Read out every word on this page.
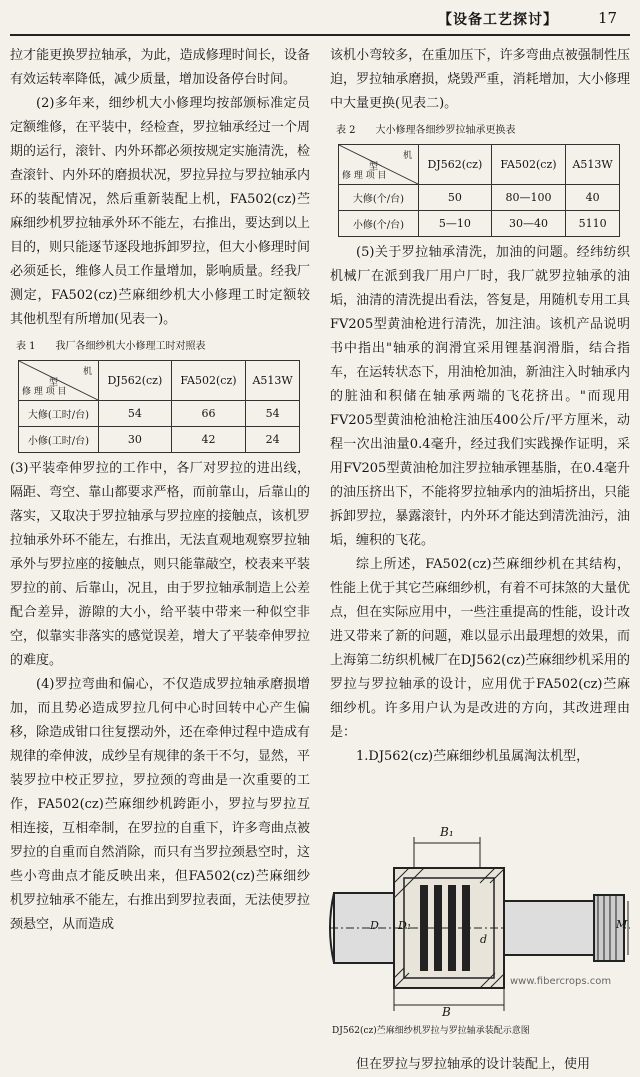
【设备工艺探讨】	17

拉才能更换罗拉轴承，为此，造成修理时间长，设备有效运转率降低，减少质量，增加设备停台时间。

(2)多年来，细纱机大小修理均按部颁标准定员定额维修，在平装中，经检查，罗拉轴承经过一个周期的运行，滚针、内外环都必须按规定实施清洗，检查滚针、内外环的磨损状况，罗拉异拉与罗拉轴承内环的装配情况，然后重新装配上机，FA502(cz)苎麻细纱机罗拉轴承外环不能左，右推出，要达到以上目的，则只能逐节逐段地拆卸罗拉，但大小修理时间必须延长，维修人员工作量增加，影响质量。经我厂测定，FA502(cz)苎麻细纱机大小修理工时定额较其他机型有所增加(见表一)。

表 1　　我厂各细纱机大小修理工时对照表
机
型
修 理 项 目	DJ562(cz)	FA502(cz)	A513W
大修(工时/台)	54	66	54
小修(工时/台)	30	42	24

(3)平装牵伸罗拉的工作中，各厂对罗拉的进出线，隔距、弯空、靠山都要求严格，而前靠山，后靠山的落实，又取决于罗拉轴承与罗拉座的接触点，该机罗拉轴承外环不能左，右推出，无法直观地观察罗拉轴承外与罗拉座的接触点，则只能靠敲空，校表来平装罗拉的前、后靠山，况且，由于罗拉轴承制造上公差配合差异，游隙的大小，给平装中带来一种似空非空，似靠实非落实的感觉误差，增大了平装牵伸罗拉的难度。

(4)罗拉弯曲和偏心，不仅造成罗拉轴承磨损增加，而且势必造成罗拉几何中心时回转中心产生偏移，除造成钳口往复摆动外，还在牵伸过程中造成有规律的牵伸波，成纱呈有规律的条干不匀，显然，平装罗拉中校正罗拉，罗拉颈的弯曲是一次重要的工作，FA502(cz)苎麻细纱机跨距小，罗拉与罗拉互相连接，互相牵制，在罗拉的自重下，许多弯曲点被罗拉的自重而自然消除，而只有当罗拉颈悬空时，这些小弯曲点才能反映出来，但FA502(cz)苎麻细纱机罗拉轴承不能左，右推出到罗拉表面，无法使罗拉颈悬空，从而造成

该机小弯较多，在重加压下，许多弯曲点被强制性压迫，罗拉轴承磨损，烧毁严重，消耗增加，大小修理中大量更换(见表二)。

表 2　　大小修理各细纱罗拉轴承更换表
机
型
修 理 项 目	DJ562(cz)	FA502(cz)	A513W
大修(个/台)	50	80—100	40
小修(个/台)	5—10	30—40	5110

(5)关于罗拉轴承清洗，加油的问题。经纬纺织机械厂在派到我厂用户厂时，我厂就罗拉轴承的油垢，油清的清洗提出看法，答复是，用随机专用工具FV205型黄油枪进行清洗，加注油。该机产品说明书中指出"轴承的润滑宜采用锂基润滑脂，结合指车，在运转状态下，用油枪加油，新油注入时轴承内的脏油和积储在轴承两端的飞花挤出。"而现用FV205型黄油枪油枪注油压400公斤/平方厘米，动程一次出油量0.4毫升，经过我们实践操作证明，采用FV205型黄油枪加注罗拉轴承锂基脂，在0.4毫升的油压挤出下，不能将罗拉轴承内的油垢挤出，只能拆卸罗拉，暴露滚针，内外环才能达到清洗油污，油垢，缠积的飞花。

综上所述，FA502(cz)苎麻细纱机在其结构，性能上优于其它苎麻细纱机，有着不可抹煞的大量优点，但在实际应用中，一些注重提高的性能，设计改进又带来了新的问题，难以显示出最理想的效果，而上海第二纺织机械厂在DJ562(cz)苎麻细纱机采用的罗拉与罗拉轴承的设计，应用优于FA502(cz)苎麻细纱机。许多用户认为是改进的方向，其改进理由是：

1.DJ562(cz)苎麻细纱机虽属淘汰机型，

B₁
B
D D₁
d
M
DJ562(cz)苎麻细纱机罗拉与罗拉轴承装配示意图

但在罗拉与罗拉轴承的设计装配上，使用

www.fibercrops.com
